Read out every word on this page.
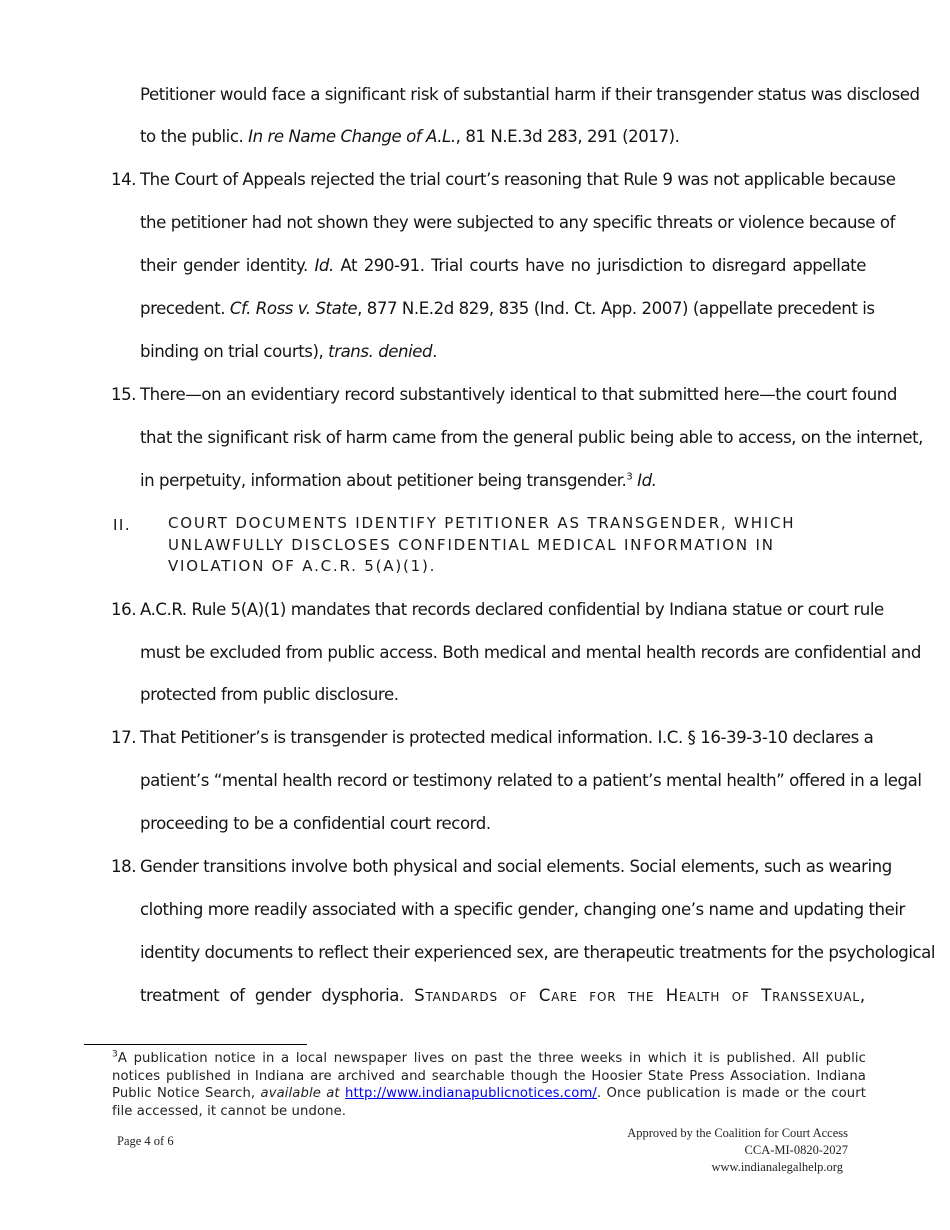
Petitioner would face a significant risk of substantial harm if their transgender status was disclosed
to the public. In re Name Change of A.L., 81 N.E.3d 283, 291 (2017).
14. The Court of Appeals rejected the trial court’s reasoning that Rule 9 was not applicable because
the petitioner had not shown they were subjected to any specific threats or violence because of
their gender identity. Id. At 290-91. Trial courts have no jurisdiction to disregard appellate
precedent. Cf. Ross v. State, 877 N.E.2d 829, 835 (Ind. Ct. App. 2007) (appellate precedent is
binding on trial courts), trans. denied.
15. There—on an evidentiary record substantively identical to that submitted here—the court found
that the significant risk of harm came from the general public being able to access, on the internet,
in perpetuity, information about petitioner being transgender.$^3$ Id.
II. COURT DOCUMENTS IDENTIFY PETITIONER AS TRANSGENDER, WHICH
UNLAWFULLY DISCLOSES CONFIDENTIAL MEDICAL INFORMATION IN
VIOLATION OF A.C.R. 5(A)(1).
16. A.C.R. Rule 5(A)(1) mandates that records declared confidential by Indiana statue or court rule
must be excluded from public access. Both medical and mental health records are confidential and
protected from public disclosure.
17. That Petitioner’s is transgender is protected medical information. I.C. § 16-39-3-10 declares a
patient’s “mental health record or testimony related to a patient’s mental health” offered in a legal
proceeding to be a confidential court record.
18. Gender transitions involve both physical and social elements. Social elements, such as wearing
clothing more readily associated with a specific gender, changing one’s name and updating their
identity documents to reflect their experienced sex, are therapeutic treatments for the psychological
treatment of gender dysphoria. Standards of Care for the Health of Transsexual,
$^3$A publication notice in a local newspaper lives on past the three weeks in which it is published. All public
notices published in Indiana are archived and searchable though the Hoosier State Press Association. Indiana
Public Notice Search, available at http://www.indianapublicnotices.com/. Once publication is made or the court
file accessed, it cannot be undone.
Page 4 of 6
Approved by the Coalition for Court Access
CCA-MI-0820-2027
www.indianalegalhelp.org
